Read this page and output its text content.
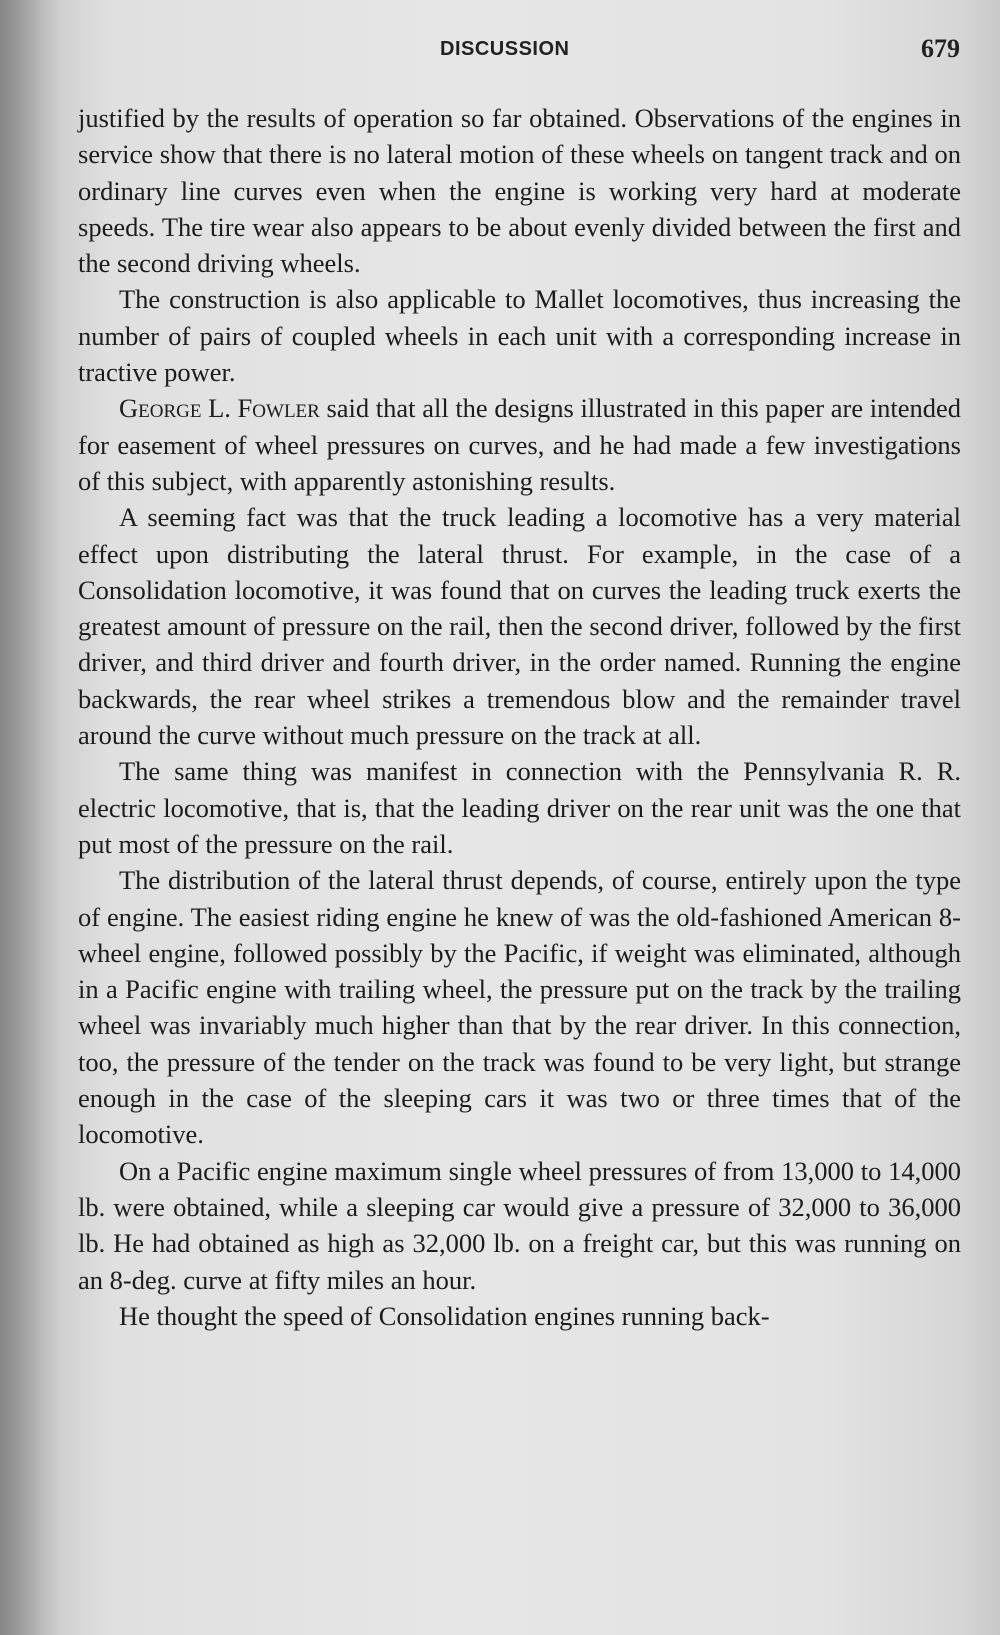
DISCUSSION	679

justified by the results of operation so far obtained. Observations of the engines in service show that there is no lateral motion of these wheels on tangent track and on ordinary line curves even when the engine is working very hard at moderate speeds. The tire wear also appears to be about evenly divided between the first and the second driving wheels.

The construction is also applicable to Mallet locomotives, thus increasing the number of pairs of coupled wheels in each unit with a corresponding increase in tractive power.

George L. Fowler said that all the designs illustrated in this paper are intended for easement of wheel pressures on curves, and he had made a few investigations of this subject, with apparently astonishing results.

A seeming fact was that the truck leading a locomotive has a very material effect upon distributing the lateral thrust. For example, in the case of a Consolidation locomotive, it was found that on curves the leading truck exerts the greatest amount of pressure on the rail, then the second driver, followed by the first driver, and third driver and fourth driver, in the order named. Running the engine backwards, the rear wheel strikes a tremendous blow and the remainder travel around the curve without much pressure on the track at all.

The same thing was manifest in connection with the Pennsylvania R. R. electric locomotive, that is, that the leading driver on the rear unit was the one that put most of the pressure on the rail.

The distribution of the lateral thrust depends, of course, entirely upon the type of engine. The easiest riding engine he knew of was the old-fashioned American 8-wheel engine, followed possibly by the Pacific, if weight was eliminated, although in a Pacific engine with trailing wheel, the pressure put on the track by the trailing wheel was invariably much higher than that by the rear driver. In this connection, too, the pressure of the tender on the track was found to be very light, but strange enough in the case of the sleeping cars it was two or three times that of the locomotive.

On a Pacific engine maximum single wheel pressures of from 13,000 to 14,000 lb. were obtained, while a sleeping car would give a pressure of 32,000 to 36,000 lb. He had obtained as high as 32,000 lb. on a freight car, but this was running on an 8-deg. curve at fifty miles an hour.

He thought the speed of Consolidation engines running back-
